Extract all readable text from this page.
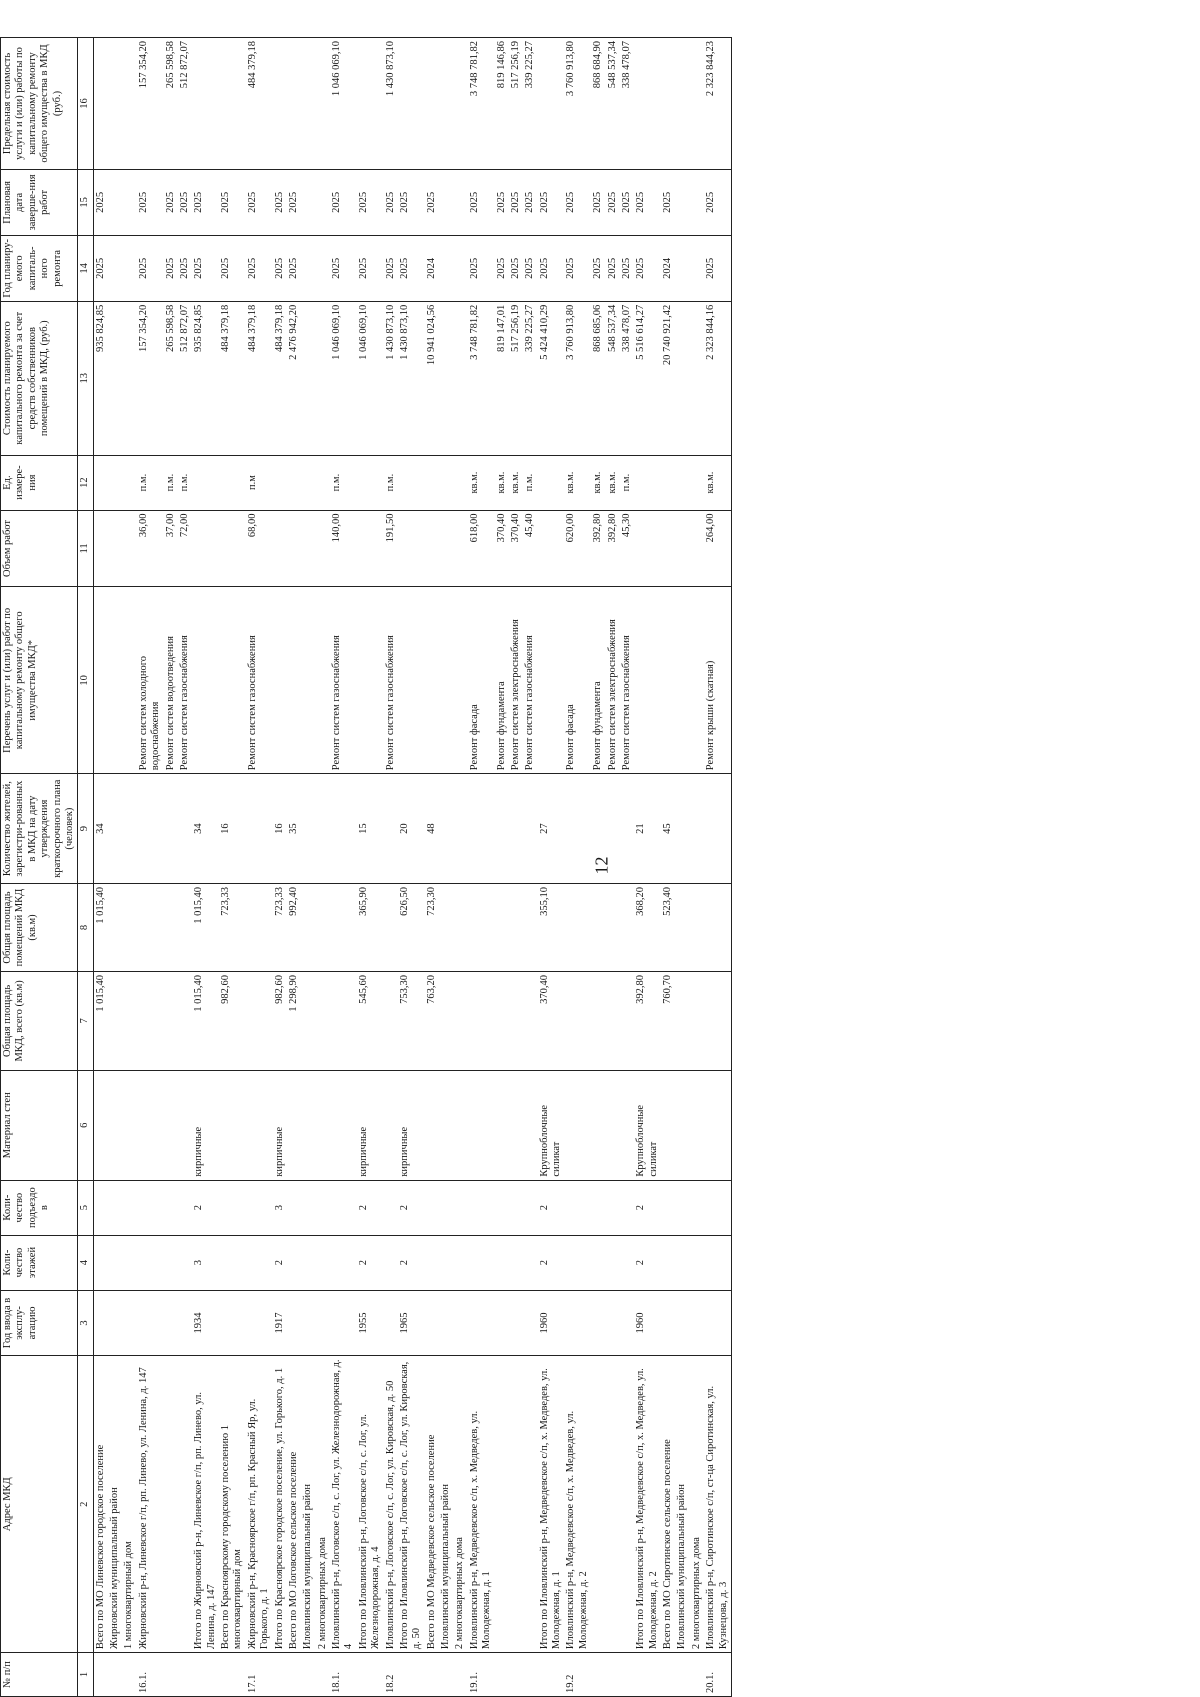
12
№ п/п	Адрес МКД	Год ввода в эксплу-атацию	Коли-чество этажей	Коли-чество подъездо в	Материал стен	Общая площадь МКД, всего (кв.м)	Общая площадь помещений МКД (кв.м)	Количество жителей, зарегистри-рованных в МКД на дату утверждения краткосрочного плана (человек)	Перечень услуг и (или) работ по капитальному ремонту общего имущества МКД*	Объем работ	Ед. измере-ния	Стоимость планируемого капитального ремонта за счет средств собственников помещений в МКД, (руб.)	Год планиру-емого капиталь-ного ремонта	Плановая дата заверше-ния работ	Предельная стоимость услуги и (или) работы по капитальному ремонту общего имущества в МКД (руб.)
1	2	3	4	5	6	7	8	9	10	11	12	13	14	15	16
	Всего по МО Линевское городское поселение					1 015,40	1 015,40	34				935 824,85	2025	2025	
	Жирновский муниципальный район														
	1 многоквартирный дом														
16.1.	Жирновский р-н, Линевское г/п, рп. Линево, ул. Ленина, д. 147								Ремонт систем холодного водоснабжения	36,00	п.м.	157 354,20	2025	2025	157 354,20
									Ремонт систем водоотведения	37,00	п.м.	265 598,58	2025	2025	265 598,58
									Ремонт систем газоснабжения	72,00	п.м.	512 872,07	2025	2025	512 872,07
	Итого по Жирновский р-н, Линевское г/п, рп. Линево, ул. Ленина, д. 147	1934	3	2	кирпичные	1 015,40	1 015,40	34				935 824,85	2025	2025	
	Всего по Красноярскому городскому поселению 1 многоквартирный дом					982,60	723,33	16				484 379,18	2025	2025	
17.1	Жирновский р-н, Красноярское г/п, рп. Красный Яр, ул. Горького, д. 1								Ремонт систем газоснабжения	68,00	п.м	484 379,18	2025	2025	484 379,18
	Итого по Красноярское городское поселение, ул. Горького, д. 1	1917	2	3	кирпичные	982,60	723,33	16				484 379,18	2025	2025	
	Всего по МО Логовское сельское поселение					1 298,90	992,40	35				2 476 942,20	2025	2025	
	Иловлинский муниципальный район														
	2 многоквартирных дома														
18.1.	Иловлинский р-н, Логовское с/п, с. Лог, ул. Железнодорожная, д. 4								Ремонт систем газоснабжения	140,00	п.м.	1 046 069,10	2025	2025	1 046 069,10
	Итого по Иловлинский р-н, Логовское с/п, с. Лог, ул. Железнодорожная, д. 4	1955	2	2	кирпичные	545,60	365,90	15				1 046 069,10	2025	2025	
18.2	Иловлинский р-н, Логовское с/п, с. Лог, ул. Кировская, д. 50								Ремонт систем газоснабжения	191,50	п.м.	1 430 873,10	2025	2025	1 430 873,10
	Итого по Иловлинский р-н, Логовское с/п, с. Лог, ул. Кировская, д. 50	1965	2	2	кирпичные	753,30	626,50	20				1 430 873,10	2025	2025	
	Всего по МО Медведевское сельское поселение					763,20	723,30	48				10 941 024,56	2024	2025	
	Иловлинский муниципальный район														
	2 многоквартирных дома														
19.1.	Иловлинский р-н, Медведевское с/п, х. Медведев, ул. Молодежная, д. 1								Ремонт фасада	618,00	кв.м.	3 748 781,82	2025	2025	3 748 781,82
									Ремонт фундамента	370,40	кв.м.	819 147,01	2025	2025	819 146,86
									Ремонт систем электроснабжения	370,40	кв.м.	517 256,19	2025	2025	517 256,19
									Ремонт систем газоснабжения	45,40	п.м.	339 225,27	2025	2025	339 225,27
	Итого по Иловлинский р-н, Медведевское с/п, х. Медведев, ул. Молодежная, д. 1	1960	2	2	Крупноблочные силикат	370,40	355,10	27				5 424 410,29	2025	2025	
19.2	Иловлинский р-н, Медведевское с/п, х. Медведев, ул. Молодежная, д. 2								Ремонт фасада	620,00	кв.м.	3 760 913,80	2025	2025	3 760 913,80
									Ремонт фундамента	392,80	кв.м.	868 685,06	2025	2025	868 684,90
									Ремонт систем электроснабжения	392,80	кв.м.	548 537,34	2025	2025	548 537,34
									Ремонт систем газоснабжения	45,30	п.м.	338 478,07	2025	2025	338 478,07
	Итого по Иловлинский р-н, Медведевское с/п, х. Медведев, ул. Молодежная, д. 2	1960	2	2	Крупноблочные силикат	392,80	368,20	21				5 516 614,27	2025	2025	
	Всего по МО Сиротинское сельское поселение					760,70	523,40	45				20 740 921,42	2024	2025	
	Иловлинский муниципальный район														
	2 многоквартирных дома														
20.1.	Иловлинский р-н, Сиротинское с/п, ст-ца Сиротинская, ул. Кузнецова, д. 3								Ремонт крыши (скатная)	264,00	кв.м.	2 323 844,16	2025	2025	2 323 844,23
